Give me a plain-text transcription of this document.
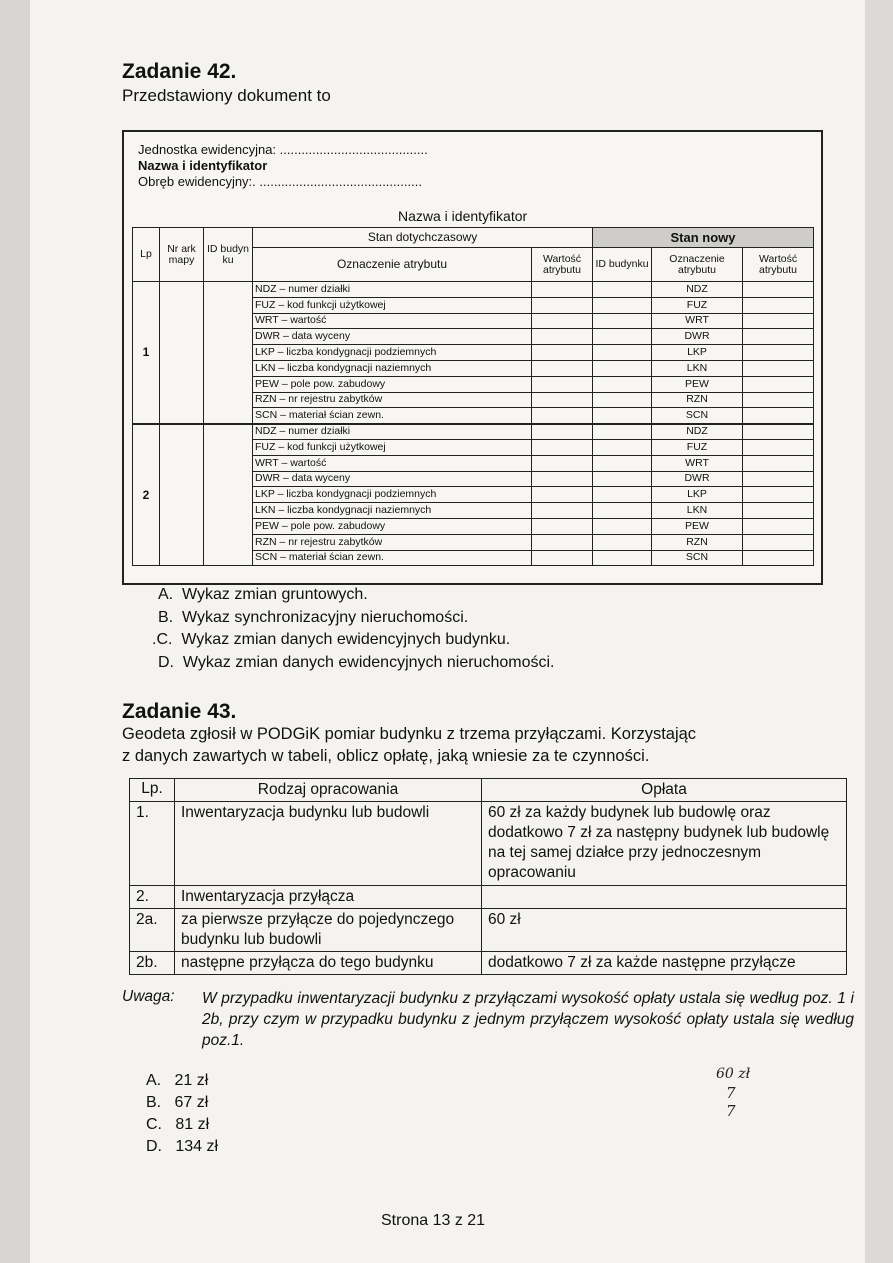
Zadanie 42.
Przedstawiony dokument to
Jednostka ewidencyjna: .........................................
Nazwa i identyfikator
Obręb ewidencyjny:. .............................................
Nazwa i identyfikator
Lp	Nr ark mapy	ID budyn ku	Stan dotychczasowy		Stan nowy		
			Oznaczenie atrybutu	Wartość atrybutu	ID budynku	Oznaczenie atrybutu	Wartość atrybutu
1			NDZ – numer działki			NDZ	
			FUZ – kod funkcji użytkowej			FUZ	
			WRT – wartość			WRT	
			DWR – data wyceny			DWR	
			LKP – liczba kondygnacji podziemnych			LKP	
			LKN – liczba kondygnacji naziemnych			LKN	
			PEW – pole pow. zabudowy			PEW	
			RZN – nr rejestru zabytków			RZN	
			SCN – materiał ścian zewn.			SCN	
2			NDZ – numer działki			NDZ	
			FUZ – kod funkcji użytkowej			FUZ	
			WRT – wartość			WRT	
			DWR – data wyceny			DWR	
			LKP – liczba kondygnacji podziemnych			LKP	
			LKN – liczba kondygnacji naziemnych			LKN	
			PEW – pole pow. zabudowy			PEW	
			RZN – nr rejestru zabytków			RZN	
			SCN – materiał ścian zewn.			SCN	
A. Wykaz zmian gruntowych.
B. Wykaz synchronizacyjny nieruchomości.
.C. Wykaz zmian danych ewidencyjnych budynku.
D. Wykaz zmian danych ewidencyjnych nieruchomości.
Zadanie 43.
Geodeta zgłosił w PODGiK pomiar budynku z trzema przyłączami. Korzystając
z danych zawartych w tabeli, oblicz opłatę, jaką wniesie za te czynności.
Lp.	Rodzaj opracowania	Opłata
1.	Inwentaryzacja budynku lub budowli	60 zł za każdy budynek lub budowlę oraz dodatkowo 7 zł za następny budynek lub budowlę na tej samej działce przy jednoczesnym opracowaniu
2.	Inwentaryzacja przyłącza	
2a.	za pierwsze przyłącze do pojedynczego budynku lub budowli	60 zł
2b.	następne przyłącza do tego budynku	dodatkowo 7 zł za każde następne przyłącze
Uwaga: W przypadku inwentaryzacji budynku z przyłączami wysokość opłaty ustala się według poz. 1 i 2b, przy czym w przypadku budynku z jednym przyłączem wysokość opłaty ustala się według poz.1.
A. 21 zł
B. 67 zł
C. 81 zł
D. 134 zł
60 zł
7
7
Strona 13 z 21
